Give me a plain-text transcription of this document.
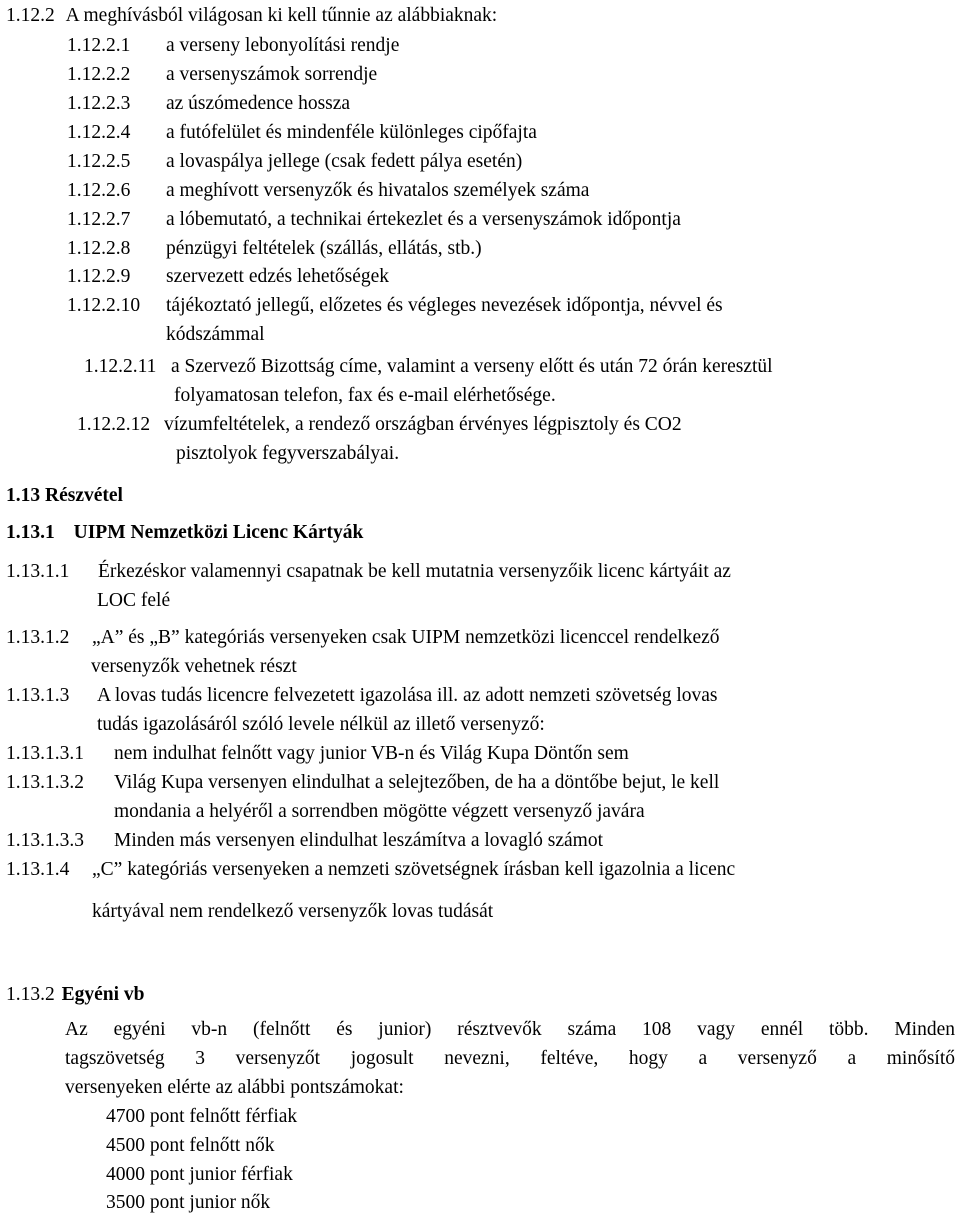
1.12.2 A meghívásból világosan ki kell tűnnie az alábbiaknak:
1.12.2.1 a verseny lebonyolítási rendje
1.12.2.2 a versenyszámok sorrendje
1.12.2.3 az úszómedence hossza
1.12.2.4 a futófelület és mindenféle különleges cipőfajta
1.12.2.5 a lovaspálya jellege (csak fedett pálya esetén)
1.12.2.6 a meghívott versenyzők és hivatalos személyek száma
1.12.2.7 a lóbemutató, a technikai értekezlet és a versenyszámok időpontja
1.12.2.8 pénzügyi feltételek (szállás, ellátás, stb.)
1.12.2.9 szervezett edzés lehetőségek
1.12.2.10 tájékoztató jellegű, előzetes és végleges nevezések időpontja, névvel és
kódszámmal
1.12.2.11 a Szervező Bizottság címe, valamint a verseny előtt és után 72 órán keresztül
folyamatosan telefon, fax és e-mail elérhetősége.
1.12.2.12 vízumfeltételek, a rendező országban érvényes légpisztoly és CO2
pisztolyok fegyverszabályai.
1.13 Részvétel
1.13.1 UIPM Nemzetközi Licenc Kártyák
1.13.1.1 Érkezéskor valamennyi csapatnak be kell mutatnia versenyzőik licenc kártyáit az
LOC felé
1.13.1.2 „A” és „B” kategóriás versenyeken csak UIPM nemzetközi licenccel rendelkező
versenyzők vehetnek részt
1.13.1.3 A lovas tudás licencre felvezetett igazolása ill. az adott nemzeti szövetség lovas
tudás igazolásáról szóló levele nélkül az illető versenyző:
1.13.1.3.1 nem indulhat felnőtt vagy junior VB-n és Világ Kupa Döntőn sem
1.13.1.3.2 Világ Kupa versenyen elindulhat a selejtezőben, de ha a döntőbe bejut, le kell
mondania a helyéről a sorrendben mögötte végzett versenyző javára
1.13.1.3.3 Minden más versenyen elindulhat leszámítva a lovagló számot
1.13.1.4 „C” kategóriás versenyeken a nemzeti szövetségnek írásban kell igazolnia a licenc
kártyával nem rendelkező versenyzők lovas tudását
1.13.2 Egyéni vb
Az egyéni vb-n (felnőtt és junior) résztvevők száma 108 vagy ennél több. Minden
tagszövetség 3 versenyzőt jogosult nevezni, feltéve, hogy a versenyző a minősítő
versenyeken elérte az alábbi pontszámokat:
4700 pont felnőtt férfiak
4500 pont felnőtt nők
4000 pont junior férfiak
3500 pont junior nők
